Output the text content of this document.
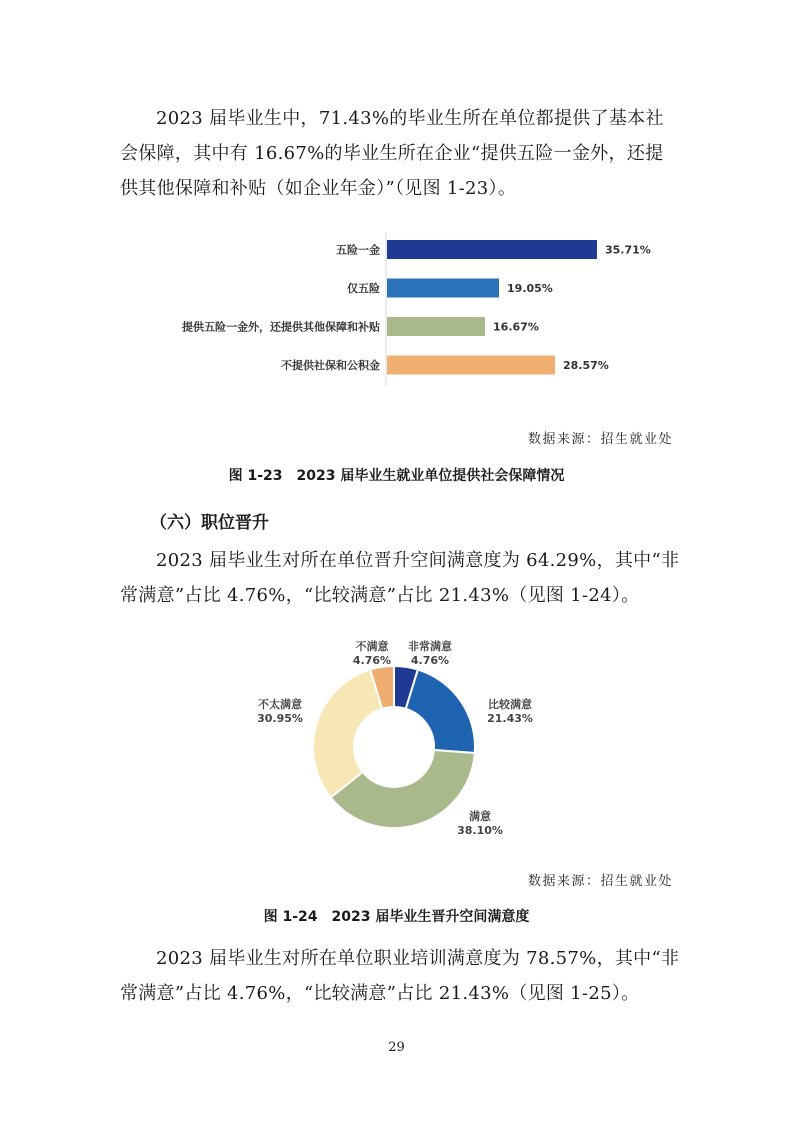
2023 届毕业生中，71.43%的毕业生所在单位都提供了基本社会保障，其中有 16.67%的毕业生所在企业“提供五险一金外，还提供其他保障和补贴（如企业年金）”（见图 1-23）。

五险一金	35.71%
仅五险	19.05%
提供五险一金外，还提供其他保障和补贴	16.67%
不提供社保和公积金	28.57%

数据来源：招生就业处

图 1-23　2023 届毕业生就业单位提供社会保障情况

（六）职位晋升

2023 届毕业生对所在单位晋升空间满意度为 64.29%，其中“非常满意”占比 4.76%，“比较满意”占比 21.43%（见图 1-24）。

非常满意
4.76%
比较满意
21.43%
满意
38.10%
不太满意
30.95%
不满意
4.76%

数据来源：招生就业处

图 1-24　2023 届毕业生晋升空间满意度

2023 届毕业生对所在单位职业培训满意度为 78.57%，其中“非常满意”占比 4.76%，“比较满意”占比 21.43%（见图 1-25）。

29
